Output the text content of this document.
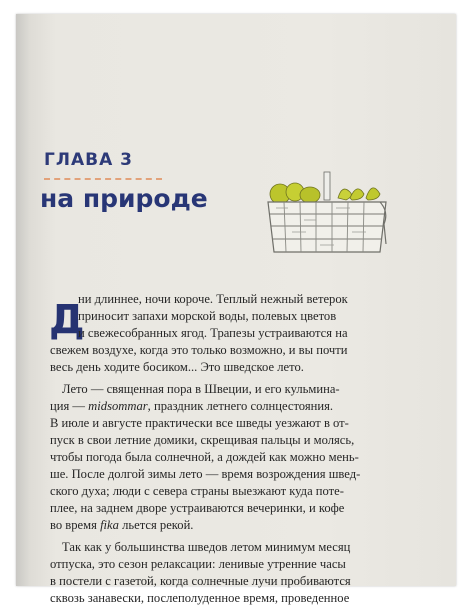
ГЛАВА 3
на природе
Д
ни длиннее, ночи короче. Теплый нежный ветерок
приносит запахи морской воды, полевых цветов
и свежесобранных ягод. Трапезы устраиваются на
свежем воздухе, когда это только возможно, и вы почти
весь день ходите босиком... Это шведское лето.
Лето — священная пора в Швеции, и его кульмина-
ция — midsommar, праздник летнего солнцестояния.
В июле и августе практически все шведы уезжают в от-
пуск в свои летние домики, скрещивая пальцы и молясь,
чтобы погода была солнечной, а дождей как можно мень-
ше. После долгой зимы лето — время возрождения швед-
ского духа; люди с севера страны выезжают куда поте-
плее, на заднем дворе устраиваются вечеринки, и кофе
во время fika льется рекой.
Так как у большинства шведов летом минимум месяц
отпуска, это сезон релаксации: ленивые утренние часы
в постели с газетой, когда солнечные лучи пробиваются
сквозь занавески, послеполуденное время, проведенное
